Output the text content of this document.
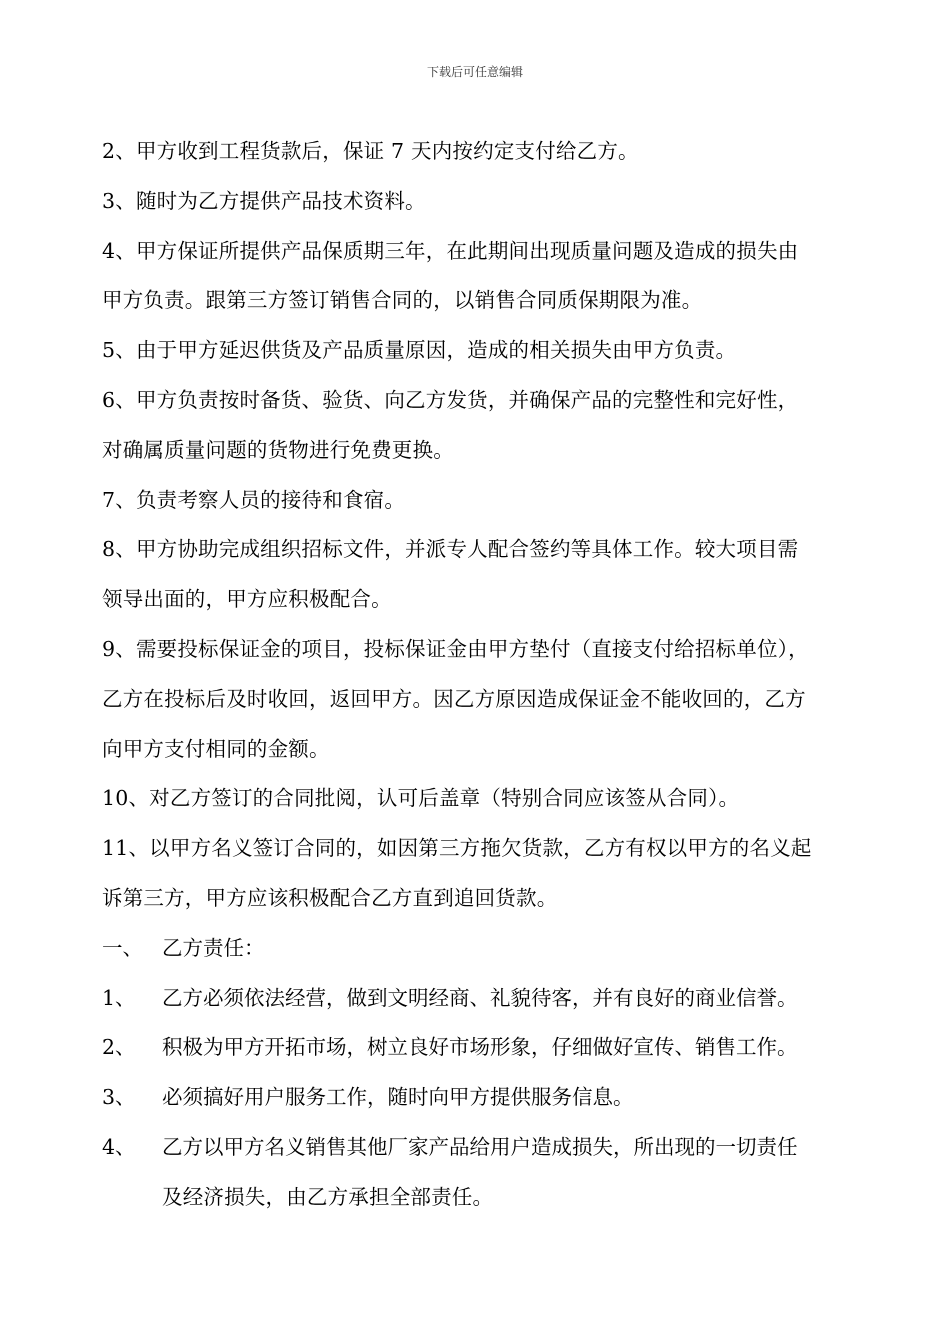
下载后可任意编辑
2、甲方收到工程货款后，保证 7 天内按约定支付给乙方。
3、随时为乙方提供产品技术资料。
4、甲方保证所提供产品保质期三年，在此期间出现质量问题及造成的损失由
甲方负责。跟第三方签订销售合同的，以销售合同质保期限为准。
5、由于甲方延迟供货及产品质量原因，造成的相关损失由甲方负责。
6、甲方负责按时备货、验货、向乙方发货，并确保产品的完整性和完好性，
对确属质量问题的货物进行免费更换。
7、负责考察人员的接待和食宿。
8、甲方协助完成组织招标文件，并派专人配合签约等具体工作。较大项目需
领导出面的，甲方应积极配合。
9、需要投标保证金的项目，投标保证金由甲方垫付（直接支付给招标单位），
乙方在投标后及时收回，返回甲方。因乙方原因造成保证金不能收回的，乙方
向甲方支付相同的金额。
10、对乙方签订的合同批阅，认可后盖章（特别合同应该签从合同）。
11、以甲方名义签订合同的，如因第三方拖欠货款，乙方有权以甲方的名义起
诉第三方，甲方应该积极配合乙方直到追回货款。
一、 乙方责任：
1、	乙方必须依法经营，做到文明经商、礼貌待客，并有良好的商业信誉。
2、	积极为甲方开拓市场，树立良好市场形象，仔细做好宣传、销售工作。
3、	必须搞好用户服务工作，随时向甲方提供服务信息。
4、	乙方以甲方名义销售其他厂家产品给用户造成损失，所出现的一切责任
及经济损失，由乙方承担全部责任。
